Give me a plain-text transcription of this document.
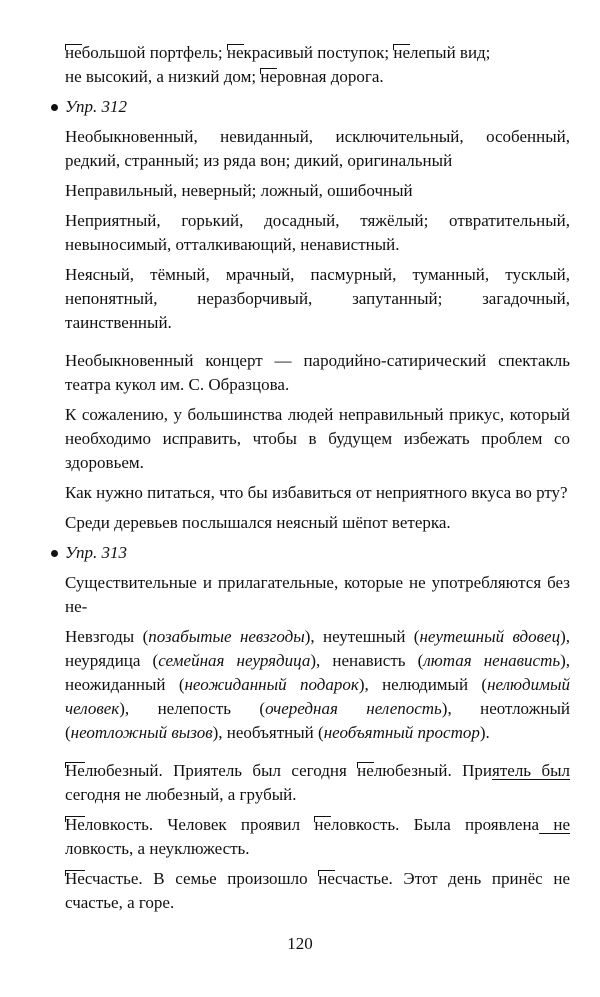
небольшой портфель; некрасивый поступок; нелепый вид;

не высокий, а низкий дом; неровная дорога.

Упр. 312

Необыкновенный, невиданный, исключительный, особенный, редкий, странный; из ряда вон; дикий, оригинальный

Неправильный, неверный; ложный, ошибочный

Неприятный, горький, досадный, тяжёлый; отвратительный, невыносимый, отталкивающий, ненавистный.

Неясный, тёмный, мрачный, пасмурный, туманный, тусклый, непонятный, неразборчивый, запутанный; загадочный, таинственный.

Необыкновенный концерт — пародийно-сатирический спектакль театра кукол им. С. Образцова.

К сожалению, у большинства людей неправильный прикус, который необходимо исправить, чтобы в будущем избежать проблем со здоровьем.

Как нужно питаться, что бы избавиться от неприятного вкуса во рту?

Среди деревьев послышался неясный шёпот ветерка.

Упр. 313

Существительные и прилагательные, которые не употребляются без не-

Невзгоды (позабытые невзгоды), неутешный (неутешный вдовец), неурядица (семейная неурядица), ненависть (лютая ненависть), неожиданный (неожиданный подарок), нелюдимый (нелюдимый человек), нелепость (очередная нелепость), неотложный (неотложный вызов), необъятный (необъятный простор).

Нелюбезный. Приятель был сегодня нелюбезный. Приятель был сегодня не любезный, а грубый.

Неловкость. Человек проявил неловкость. Была проявлена не ловкость, а неуклюжесть.

Несчастье. В семье произошло несчастье. Этот день принёс не счастье, а горе.

120
